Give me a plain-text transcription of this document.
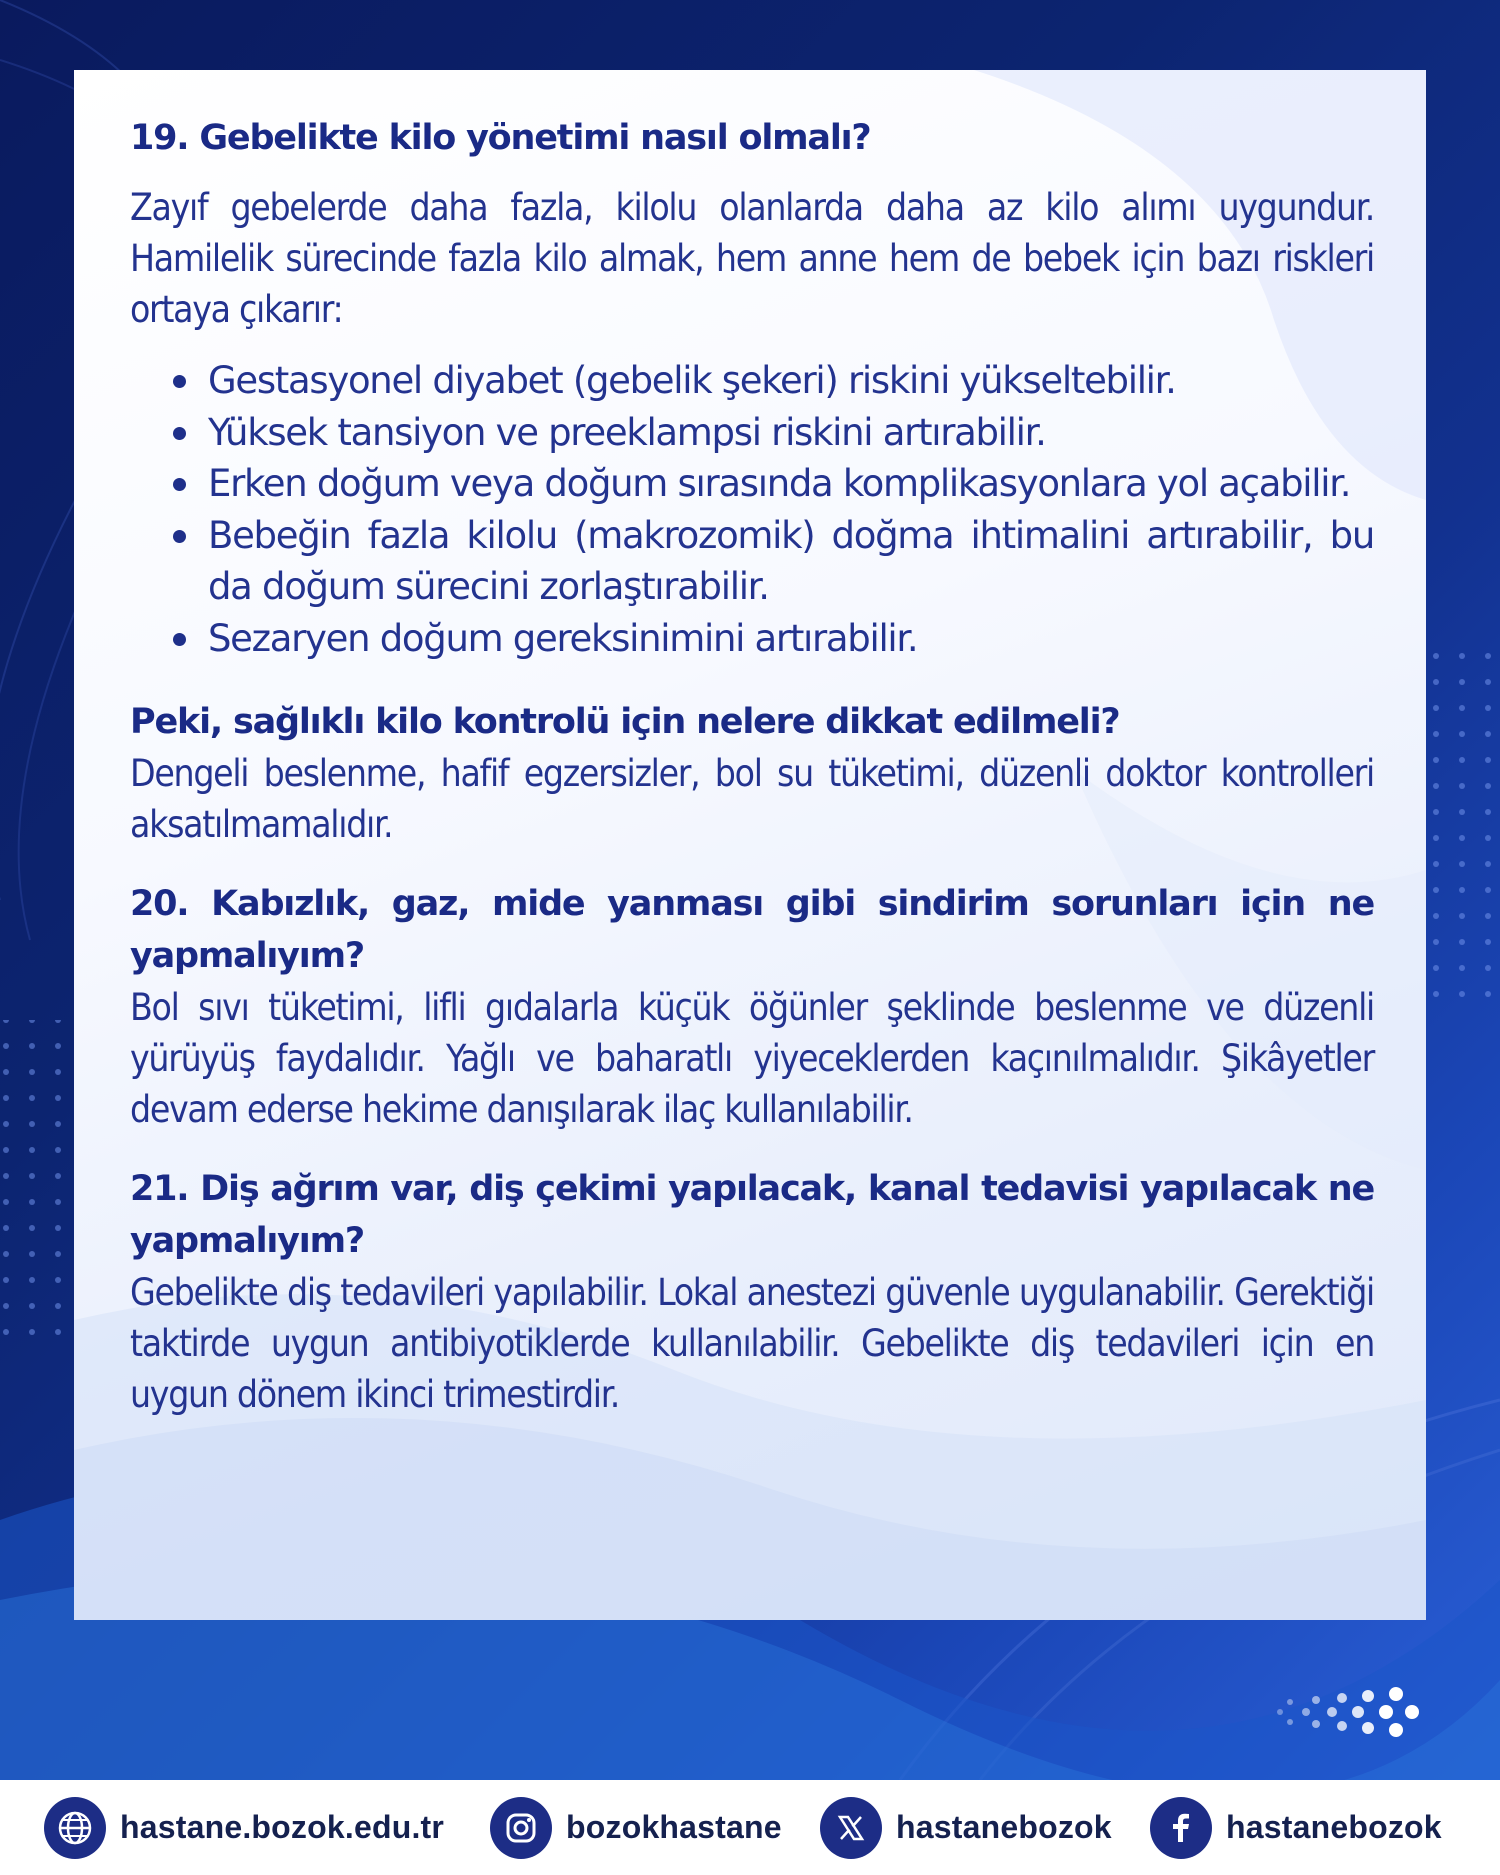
19. Gebelikte kilo yönetimi nasıl olmalı?

Zayıf gebelerde daha fazla, kilolu olanlarda daha az kilo alımı uygundur. Hamilelik sürecinde fazla kilo almak, hem anne hem de bebek için bazı riskleri ortaya çıkarır:

Gestasyonel diyabet (gebelik şekeri) riskini yükseltebilir.
Yüksek tansiyon ve preeklampsi riskini artırabilir.
Erken doğum veya doğum sırasında komplikasyonlara yol açabilir.
Bebeğin fazla kilolu (makrozomik) doğma ihtimalini artırabilir, bu da doğum sürecini zorlaştırabilir.
Sezaryen doğum gereksinimini artırabilir.
Peki, sağlıklı kilo kontrolü için nelere dikkat edilmeli?

Dengeli beslenme, hafif egzersizler, bol su tüketimi, düzenli doktor kontrolleri aksatılmamalıdır.

20. Kabızlık, gaz, mide yanması gibi sindirim sorunları için ne yapmalıyım?

Bol sıvı tüketimi, lifli gıdalarla küçük öğünler şeklinde beslenme ve düzenli yürüyüş faydalıdır. Yağlı ve baharatlı yiyeceklerden kaçınılmalıdır. Şikâyetler devam ederse hekime danışılarak ilaç kullanılabilir.

21. Diş ağrım var, diş çekimi yapılacak, kanal tedavisi yapılacak ne yapmalıyım?

Gebelikte diş tedavileri yapılabilir. Lokal anestezi güvenle uygulanabilir. Gerektiği taktirde uygun antibiyotiklerde kullanılabilir. Gebelikte diş tedavileri için en uygun dönem ikinci trimestirdir.

hastane.bozok.edu.tr	bozokhastane	hastanebozok	hastanebozok
